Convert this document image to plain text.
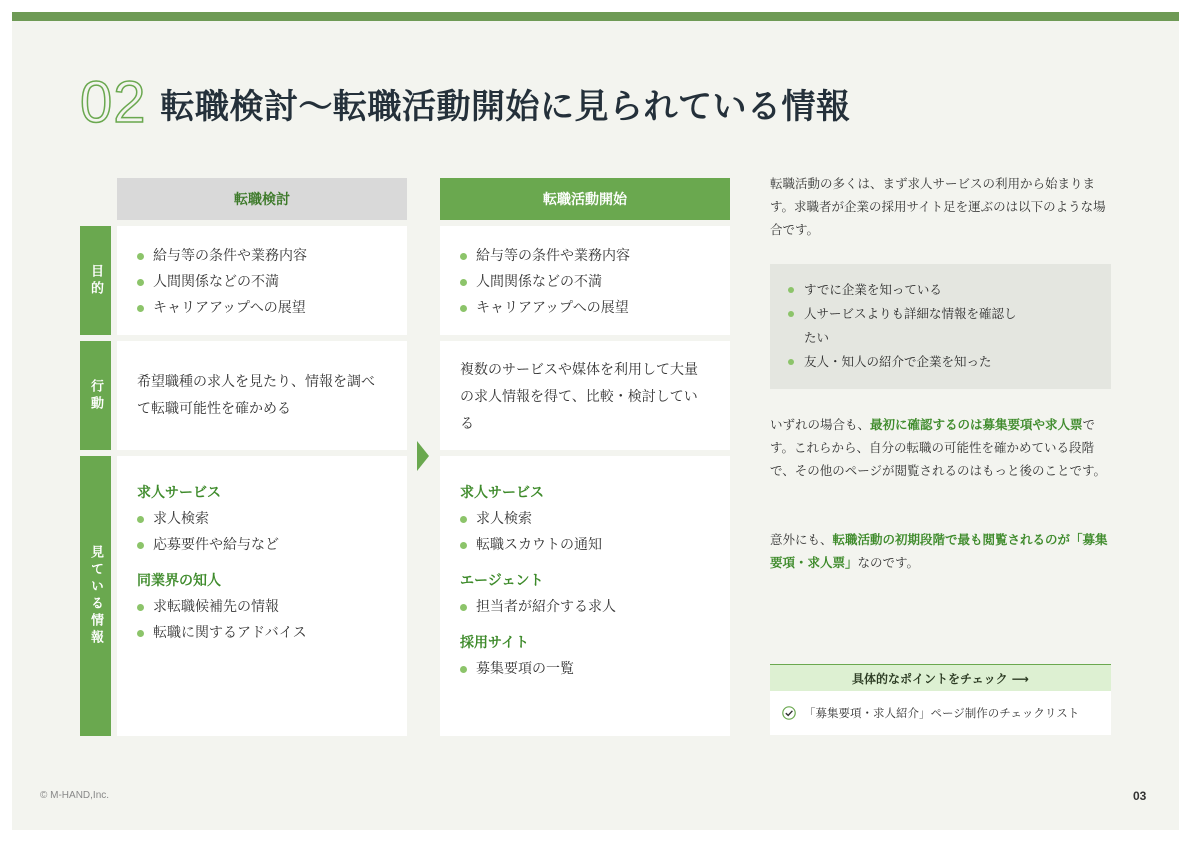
02 転職検討〜転職活動開始に見られている情報
転職検討	転職活動開始
目的
行動
見ている情報
給与等の条件や業務内容
人間関係などの不満
キャリアアップへの展望
給与等の条件や業務内容
人間関係などの不満
キャリアアップへの展望
希望職種の求人を見たり、情報を調べて転職可能性を確かめる
複数のサービスや媒体を利用して大量の求人情報を得て、比較・検討している
求人サービス
求人検索
応募要件や給与など
同業界の知人
求転職候補先の情報
転職に関するアドバイス
求人サービス
求人検索
転職スカウトの通知
エージェント
担当者が紹介する求人
採用サイト
募集要項の一覧
転職活動の多くは、まず求人サービスの利用から始まります。求職者が企業の採用サイト足を運ぶのは以下のような場合です。
すでに企業を知っている
人サービスよりも詳細な情報を確認したい
友人・知人の紹介で企業を知った
いずれの場合も、最初に確認するのは募集要項や求人票です。これらから、自分の転職の可能性を確かめている段階で、その他のページが閲覧されるのはもっと後のことです。
意外にも、転職活動の初期段階で最も閲覧されるのが「募集要項・求人票」なのです。
具体的なポイントをチェック ⟶
「募集要項・求人紹介」ページ制作のチェックリスト
© M-HAND,Inc.	03
